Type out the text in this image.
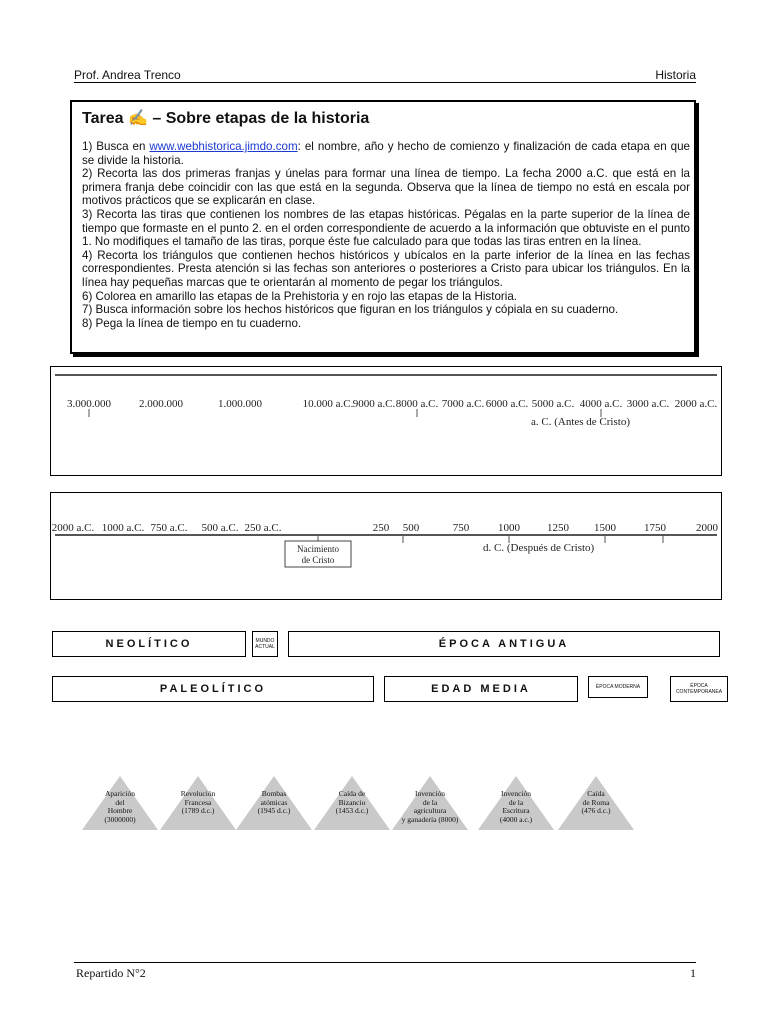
Prof. Andrea Trenco	Historia
Tarea ✍ – Sobre etapas de la historia

1) Busca en www.webhistorica.jimdo.com: el nombre, año y hecho de comienzo y finalización de cada etapa en que se divide la historia.

2) Recorta las dos primeras franjas y únelas para formar una línea de tiempo. La fecha 2000 a.C. que está en la primera franja debe coincidir con las que está en la segunda. Observa que la línea de tiempo no está en escala por motivos prácticos que se explicarán en clase.

3) Recorta las tiras que contienen los nombres de las etapas históricas. Pégalas en la parte superior de la línea de tiempo que formaste en el punto 2. en el orden correspondiente de acuerdo a la información que obtuviste en el punto 1. No modifiques el tamaño de las tiras, porque éste fue calculado para que todas las tiras entren en la línea.

4) Recorta los triángulos que contienen hechos históricos y ubícalos en la parte inferior de la línea en las fechas correspondientes. Presta atención si las fechas son anteriores o posteriores a Cristo para ubicar los triángulos. En la línea hay pequeñas marcas que te orientarán al momento de pegar los triángulos.

6) Colorea en amarillo las etapas de la Prehistoria y en rojo las etapas de la Historia.

7) Busca información sobre los hechos históricos que figuran en los triángulos y cópiala en su cuaderno.

8) Pega la línea de tiempo en tu cuaderno.

3.000.000	2.000.000	1.000.000	10.000 a.C. 9000 a.C. 8000 a.C. 7000 a.C. 6000 a.C. 5000 a.C. 4000 a.C. 3000 a.C. 2000 a.C.
a. C. (Antes de Cristo)
2000 a.C. 1000 a.C. 750 a.C. 500 a.C. 250 a.C.	250 500	750	1000 1250 1500	1750	2000
Nacimiento de Cristo
d. C. (Después de Cristo)
NEOLÍTICO	MUNDO ACTUAL	ÉPOCA ANTIGUA
PALEOLÍTICO	EDAD MEDIA	ÉPOCA MODERNA	ÉPOCA CONTEMPORANEA
Aparición
del
Hombre
(3000000)
Revolución
Francesa
(1789 d.c.)
Bombas
atómicas
(1945 d.c.)
Caída de
Bizancio
(1453 d.c.)
Invención
de la
agricultura
y ganadería (8000)
Invención
de la
Escritura
(4000 a.c.)
Caída
de Roma
(476 d.c.)
Repartido N°2	1
